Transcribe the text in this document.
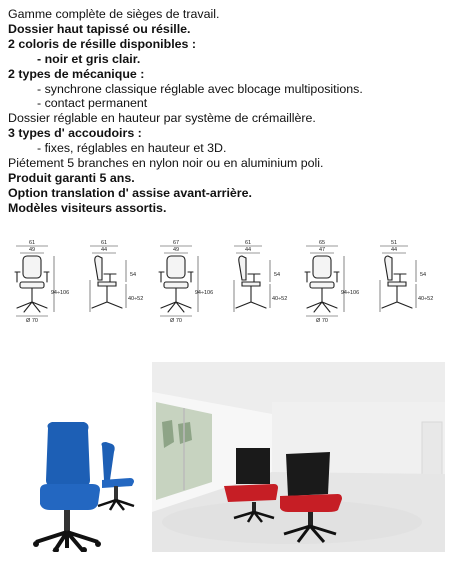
Gamme complète de sièges de travail.
Dossier haut tapissé ou résille.
2 coloris de résille disponibles :
- noir et gris clair.
2 types de mécanique :
- synchrone classique réglable avec blocage multipositions.
- contact permanent
Dossier réglable en hauteur par système de crémaillère.
3 types d' accoudoirs :
- fixes, réglables en hauteur et 3D.
Piétement 5 branches en nylon noir ou en aluminium poli.
Produit garanti 5 ans.
Option translation d' assise avant-arrière.
Modèles visiteurs assortis.
61
49
94÷106
Ø 70
61
44
54
40÷52
67
49
94÷106
Ø 70
61
44
54
40÷52
65
47
94÷106
Ø 70
51
44
54
40÷52
